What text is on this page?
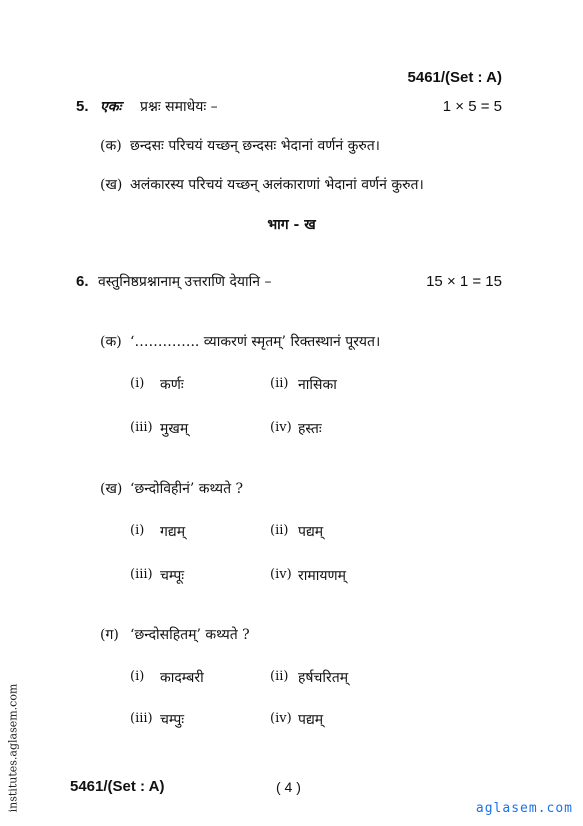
5461/(Set : A)
5. एकः प्रश्नः समाधेयः –	1 × 5 = 5
(क) छन्दसः परिचयं यच्छन् छन्दसः भेदानां वर्णनं कुरुत।
(ख) अलंकारस्य परिचयं यच्छन् अलंकाराणां भेदानां वर्णनं कुरुत।
भाग - ख
6. वस्तुनिष्ठप्रश्नानाम् उत्तराणि देयानि –	15 × 1 = 15
(क) ‘………….. व्याकरणं स्मृतम्’ रिक्तस्थानं पूरयत।
(i) कर्णः	(ii) नासिका
(iii) मुखम्	(iv) हस्तः
(ख) ‘छन्दोविहीनं’ कथ्यते ?
(i) गद्यम्	(ii) पद्यम्
(iii) चम्पूः	(iv) रामायणम्
(ग) ‘छन्दोसहितम्’ कथ्यते ?
(i) कादम्बरी	(ii) हर्षचरितम्
(iii) चम्पुः	(iv) पद्यम्
5461/(Set : A)	( 4 )
institutes.aglasem.com	aglasem.com
